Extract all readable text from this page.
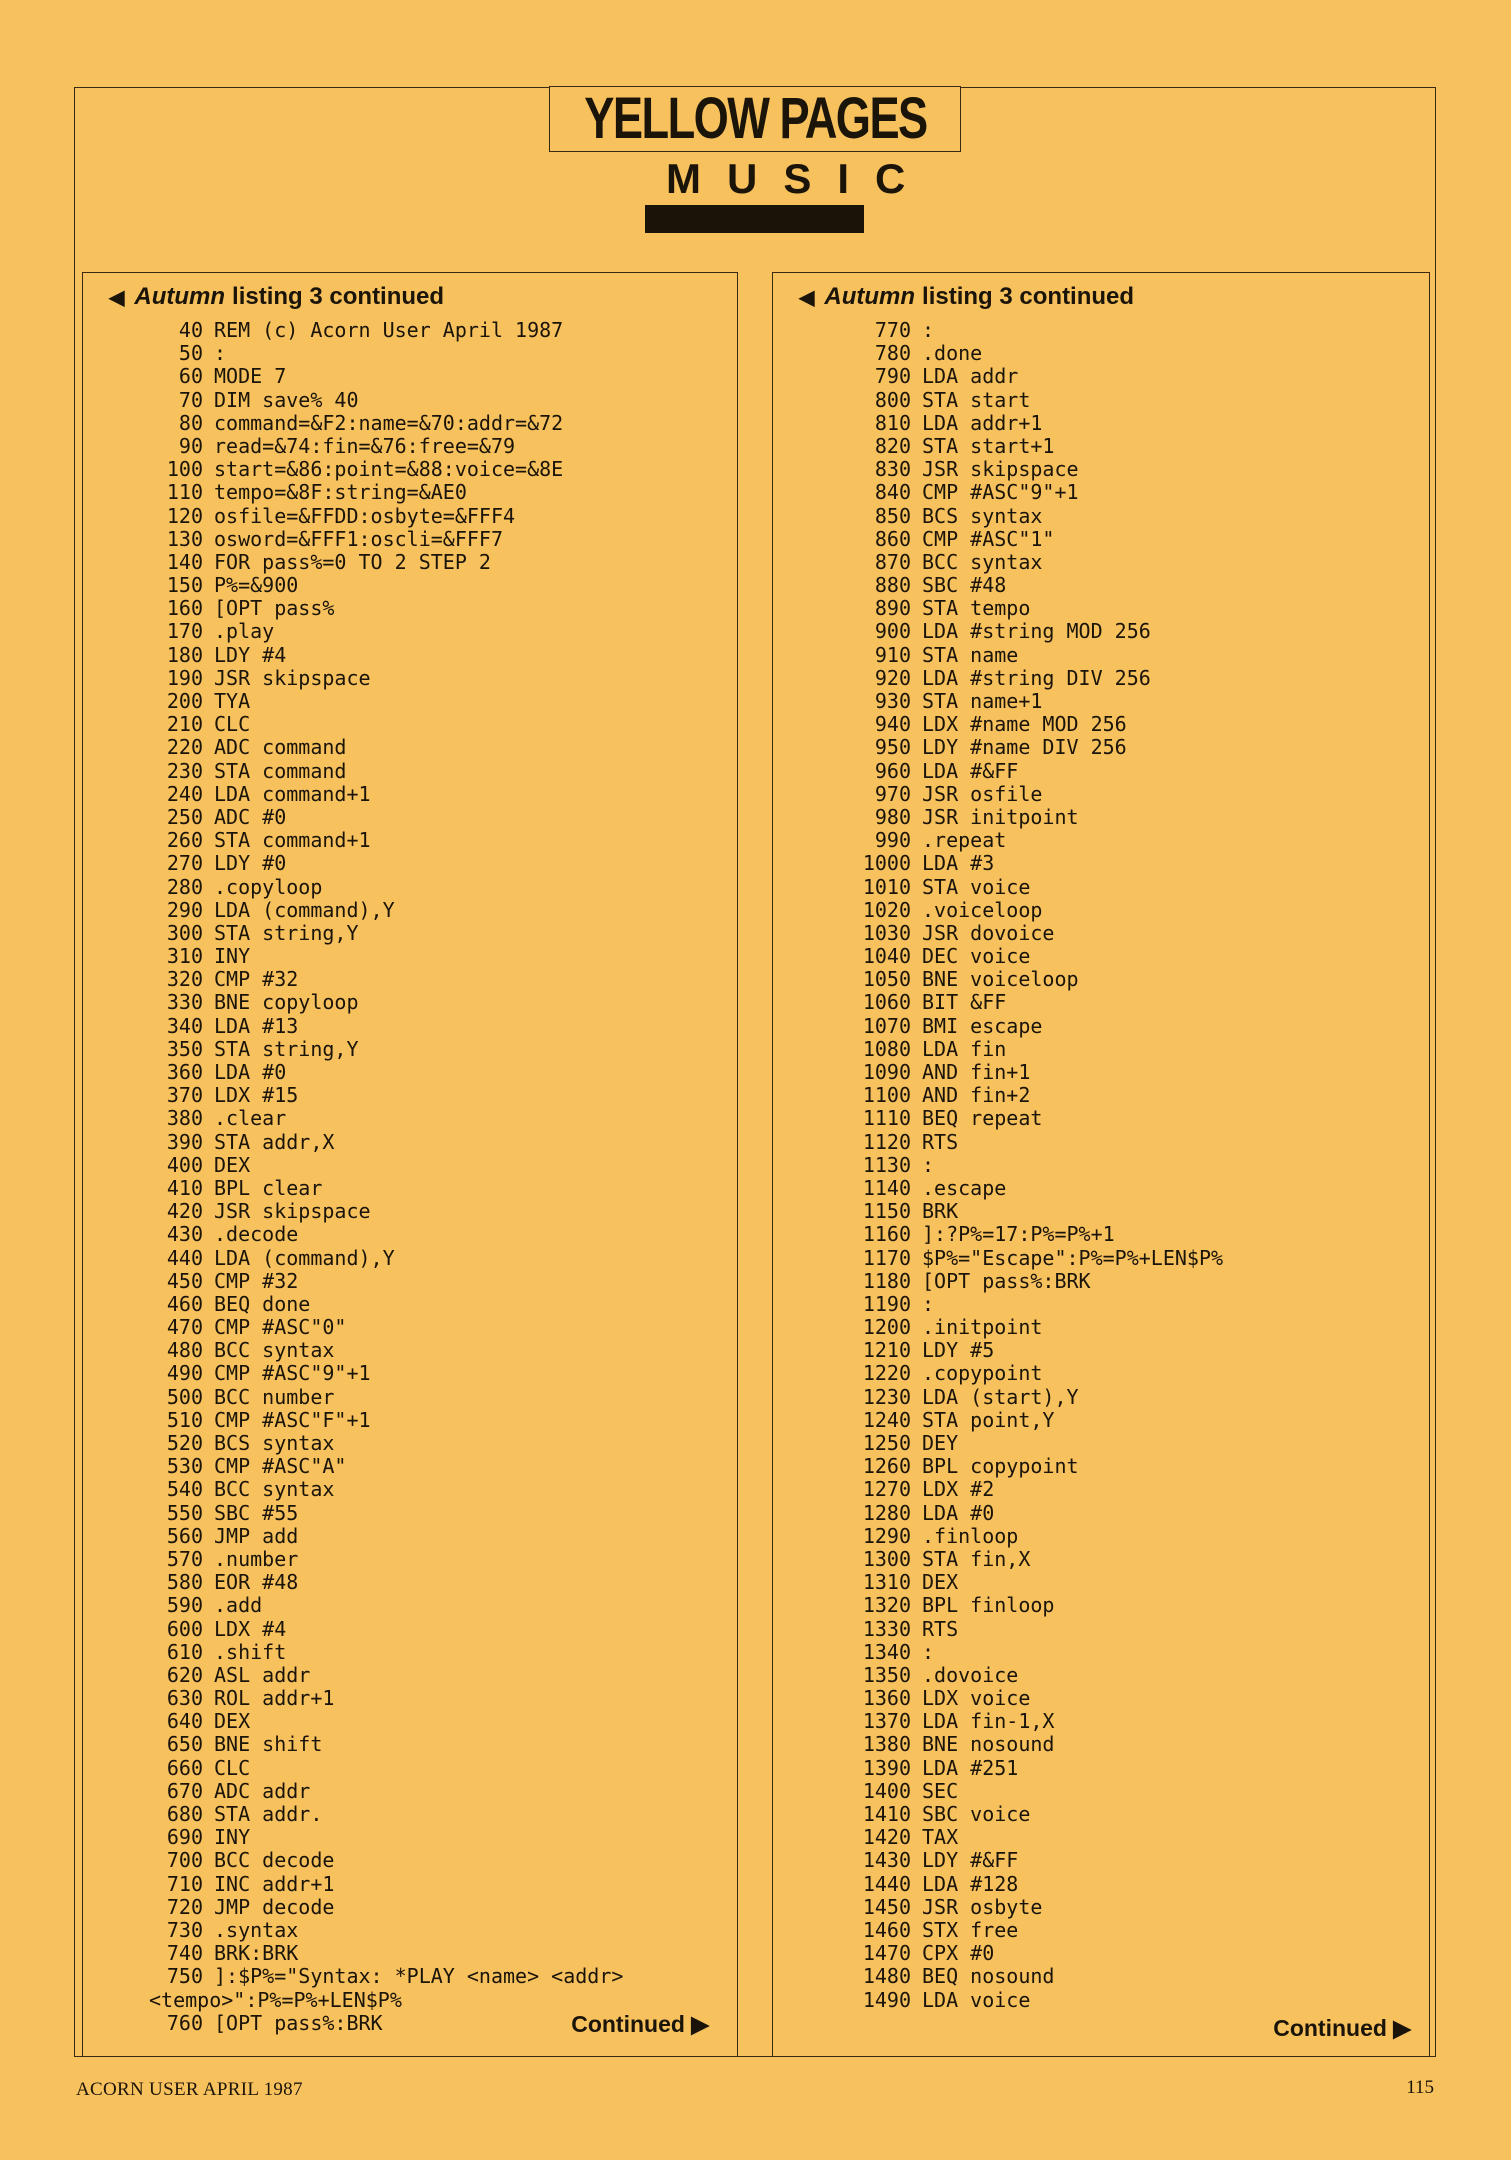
YELLOW PAGES
MUSIC
◀ Autumn listing 3 continued
40 REM (c) Acorn User April 1987
50 :
60 MODE 7
70 DIM save% 40
80 command=&F2:name=&70:addr=&72
90 read=&74:fin=&76:free=&79
100 start=&86:point=&88:voice=&8E
110 tempo=&8F:string=&AE0
120 osfile=&FFDD:osbyte=&FFF4
130 osword=&FFF1:oscli=&FFF7
140 FOR pass%=0 TO 2 STEP 2
150 P%=&900
160 [OPT pass%
170 .play
180 LDY #4
190 JSR skipspace
200 TYA
210 CLC
220 ADC command
230 STA command
240 LDA command+1
250 ADC #0
260 STA command+1
270 LDY #0
280 .copyloop
290 LDA (command),Y
300 STA string,Y
310 INY
320 CMP #32
330 BNE copyloop
340 LDA #13
350 STA string,Y
360 LDA #0
370 LDX #15
380 .clear
390 STA addr,X
400 DEX
410 BPL clear
420 JSR skipspace
430 .decode
440 LDA (command),Y
450 CMP #32
460 BEQ done
470 CMP #ASC"0"
480 BCC syntax
490 CMP #ASC"9"+1
500 BCC number
510 CMP #ASC"F"+1
520 BCS syntax
530 CMP #ASC"A"
540 BCC syntax
550 SBC #55
560 JMP add
570 .number
580 EOR #48
590 .add
600 LDX #4
610 .shift
620 ASL addr
630 ROL addr+1
640 DEX
650 BNE shift
660 CLC
670 ADC addr
680 STA addr.
690 INY
700 BCC decode
710 INC addr+1
720 JMP decode
730 .syntax
740 BRK:BRK
750 ]:$P%="Syntax: *PLAY <name> <addr>
<tempo>":P%=P%+LEN$P%
760 [OPT pass%:BRK	Continued ▶
◀ Autumn listing 3 continued
770 :
780 .done
790 LDA addr
800 STA start
810 LDA addr+1
820 STA start+1
830 JSR skipspace
840 CMP #ASC"9"+1
850 BCS syntax
860 CMP #ASC"1"
870 BCC syntax
880 SBC #48
890 STA tempo
900 LDA #string MOD 256
910 STA name
920 LDA #string DIV 256
930 STA name+1
940 LDX #name MOD 256
950 LDY #name DIV 256
960 LDA #&FF
970 JSR osfile
980 JSR initpoint
990 .repeat
1000 LDA #3
1010 STA voice
1020 .voiceloop
1030 JSR dovoice
1040 DEC voice
1050 BNE voiceloop
1060 BIT &FF
1070 BMI escape
1080 LDA fin
1090 AND fin+1
1100 AND fin+2
1110 BEQ repeat
1120 RTS
1130 :
1140 .escape
1150 BRK
1160 ]:?P%=17:P%=P%+1
1170 $P%="Escape":P%=P%+LEN$P%
1180 [OPT pass%:BRK
1190 :
1200 .initpoint
1210 LDY #5
1220 .copypoint
1230 LDA (start),Y
1240 STA point,Y
1250 DEY
1260 BPL copypoint
1270 LDX #2
1280 LDA #0
1290 .finloop
1300 STA fin,X
1310 DEX
1320 BPL finloop
1330 RTS
1340 :
1350 .dovoice
1360 LDX voice
1370 LDA fin-1,X
1380 BNE nosound
1390 LDA #251
1400 SEC
1410 SBC voice
1420 TAX
1430 LDY #&FF
1440 LDA #128
1450 JSR osbyte
1460 STX free
1470 CPX #0
1480 BEQ nosound
1490 LDA voice
Continued ▶
ACORN USER APRIL 1987	115
